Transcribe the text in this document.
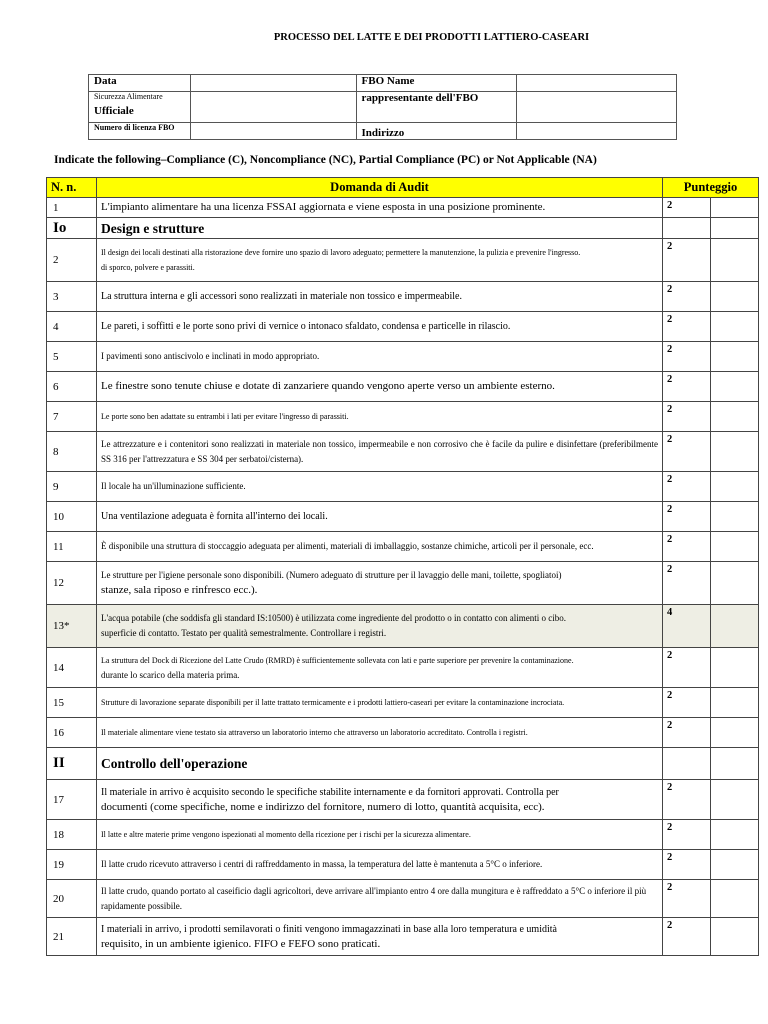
PROCESSO DEL LATTE E DEI PRODOTTI LATTIERO-CASEARI
Data		FBO Name	

Sicurezza Alimentare
Ufficiale		rappresentante dell'FBO	
Numero di licenza FBO		Indirizzo	
Indicate the following–Compliance (C), Noncompliance (NC), Partial Compliance (PC) or Not Applicable (NA)
N. n.	Domanda di Audit	Punteggio	
1	L'impianto alimentare ha una licenza FSSAI aggiornata e viene esposta in una posizione prominente.	2	
Io	Design e strutture		
2	Il design dei locali destinati alla ristorazione deve fornire uno spazio di lavoro adeguato; permettere la manutenzione, la pulizia e prevenire l'ingresso.
di sporco, polvere e parassiti.	2	
3	La struttura interna e gli accessori sono realizzati in materiale non tossico e impermeabile.	2	
4	Le pareti, i soffitti e le porte sono privi di vernice o intonaco sfaldato, condensa e particelle in rilascio.	2	
5	I pavimenti sono antiscivolo e inclinati in modo appropriato.	2	
6	Le finestre sono tenute chiuse e dotate di zanzariere quando vengono aperte verso un ambiente esterno.	2	
7	Le porte sono ben adattate su entrambi i lati per evitare l'ingresso di parassiti.	2	
8	Le attrezzature e i contenitori sono realizzati in materiale non tossico, impermeabile e non corrosivo che è facile da pulire e disinfettare (preferibilmente SS 316 per l'attrezzatura e SS 304 per serbatoi/cisterna).	2	
9	Il locale ha un'illuminazione sufficiente.	2	
10	Una ventilazione adeguata è fornita all'interno dei locali.	2	
11	È disponibile una struttura di stoccaggio adeguata per alimenti, materiali di imballaggio, sostanze chimiche, articoli per il personale, ecc.	2	
12	Le strutture per l'igiene personale sono disponibili. (Numero adeguato di strutture per il lavaggio delle mani, toilette, spogliatoi)
stanze, sala riposo e rinfresco ecc.).	2	
13*	L'acqua potabile (che soddisfa gli standard IS:10500) è utilizzata come ingrediente del prodotto o in contatto con alimenti o cibo.
superficie di contatto. Testato per qualità semestralmente. Controllare i registri.	4	
14	La struttura del Dock di Ricezione del Latte Crudo (RMRD) è sufficientemente sollevata con lati e parte superiore per prevenire la contaminazione.
durante lo scarico della materia prima.	2	
15	Strutture di lavorazione separate disponibili per il latte trattato termicamente e i prodotti lattiero-caseari per evitare la contaminazione incrociata.	2	
16	Il materiale alimentare viene testato sia attraverso un laboratorio interno che attraverso un laboratorio accreditato. Controlla i registri.	2	
II	Controllo dell'operazione		
17	Il materiale in arrivo è acquisito secondo le specifiche stabilite internamente e da fornitori approvati. Controlla per
documenti (come specifiche, nome e indirizzo del fornitore, numero di lotto, quantità acquisita, ecc).	2	
18	Il latte e altre materie prime vengono ispezionati al momento della ricezione per i rischi per la sicurezza alimentare.	2	
19	Il latte crudo ricevuto attraverso i centri di raffreddamento in massa, la temperatura del latte è mantenuta a 5°C o inferiore.	2	
20	Il latte crudo, quando portato al caseificio dagli agricoltori, deve arrivare all'impianto entro 4 ore dalla mungitura e è raffreddato a 5°C o inferiore il più rapidamente possibile.	2	
21	I materiali in arrivo, i prodotti semilavorati o finiti vengono immagazzinati in base alla loro temperatura e umidità
requisito, in un ambiente igienico. FIFO e FEFO sono praticati.	2	
